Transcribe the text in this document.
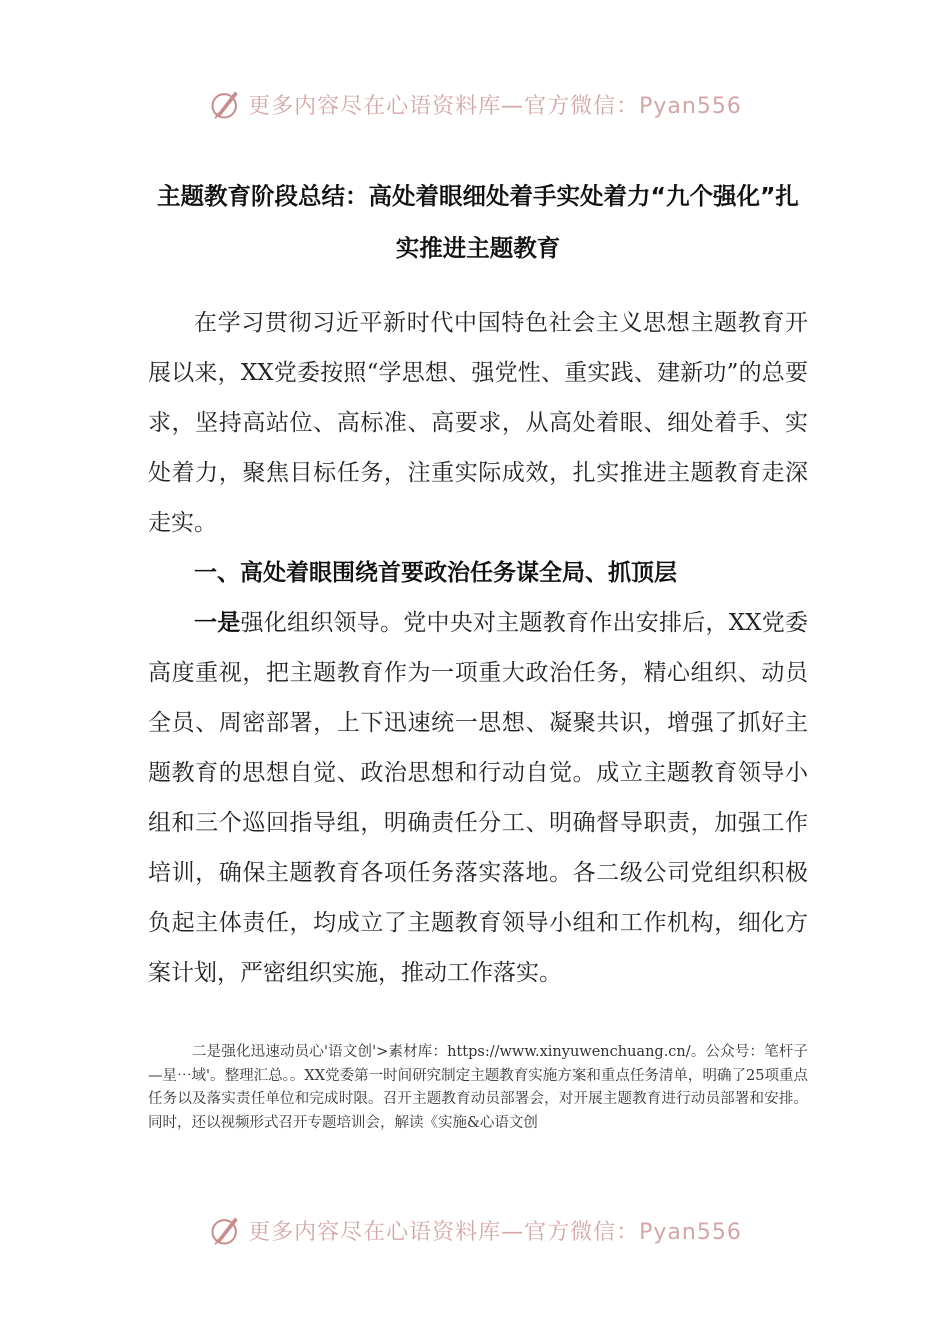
更多内容尽在心语资料库—官方微信：Pyan556
主题教育阶段总结：高处着眼细处着手实处着力“九个强化”扎实推进主题教育

在学习贯彻习近平新时代中国特色社会主义思想主题教育开展以来，XX党委按照“学思想、强党性、重实践、建新功”的总要求，坚持高站位、高标准、高要求，从高处着眼、细处着手、实处着力，聚焦目标任务，注重实际成效，扎实推进主题教育走深走实。

一、高处着眼围绕首要政治任务谋全局、抓顶层

一是强化组织领导。党中央对主题教育作出安排后，XX党委高度重视，把主题教育作为一项重大政治任务，精心组织、动员全员、周密部署，上下迅速统一思想、凝聚共识，增强了抓好主题教育的思想自觉、政治思想和行动自觉。成立主题教育领导小组和三个巡回指导组，明确责任分工、明确督导职责，加强工作培训，确保主题教育各项任务落实落地。各二级公司党组织积极负起主体责任，均成立了主题教育领导小组和工作机构，细化方案计划，严密组织实施，推动工作落实。

二是强化迅速动员心'语文创'>素材库：https://www.xinyuwenchuang.cn/。公众号：笔杆子—星⋯域'。整理汇总。。XX党委第一时间研究制定主题教育实施方案和重点任务清单，明确了25项重点任务以及落实责任单位和完成时限。召开主题教育动员部署会，对开展主题教育进行动员部署和安排。同时，还以视频形式召开专题培训会，解读《实施&心语文创

更多内容尽在心语资料库—官方微信：Pyan556
